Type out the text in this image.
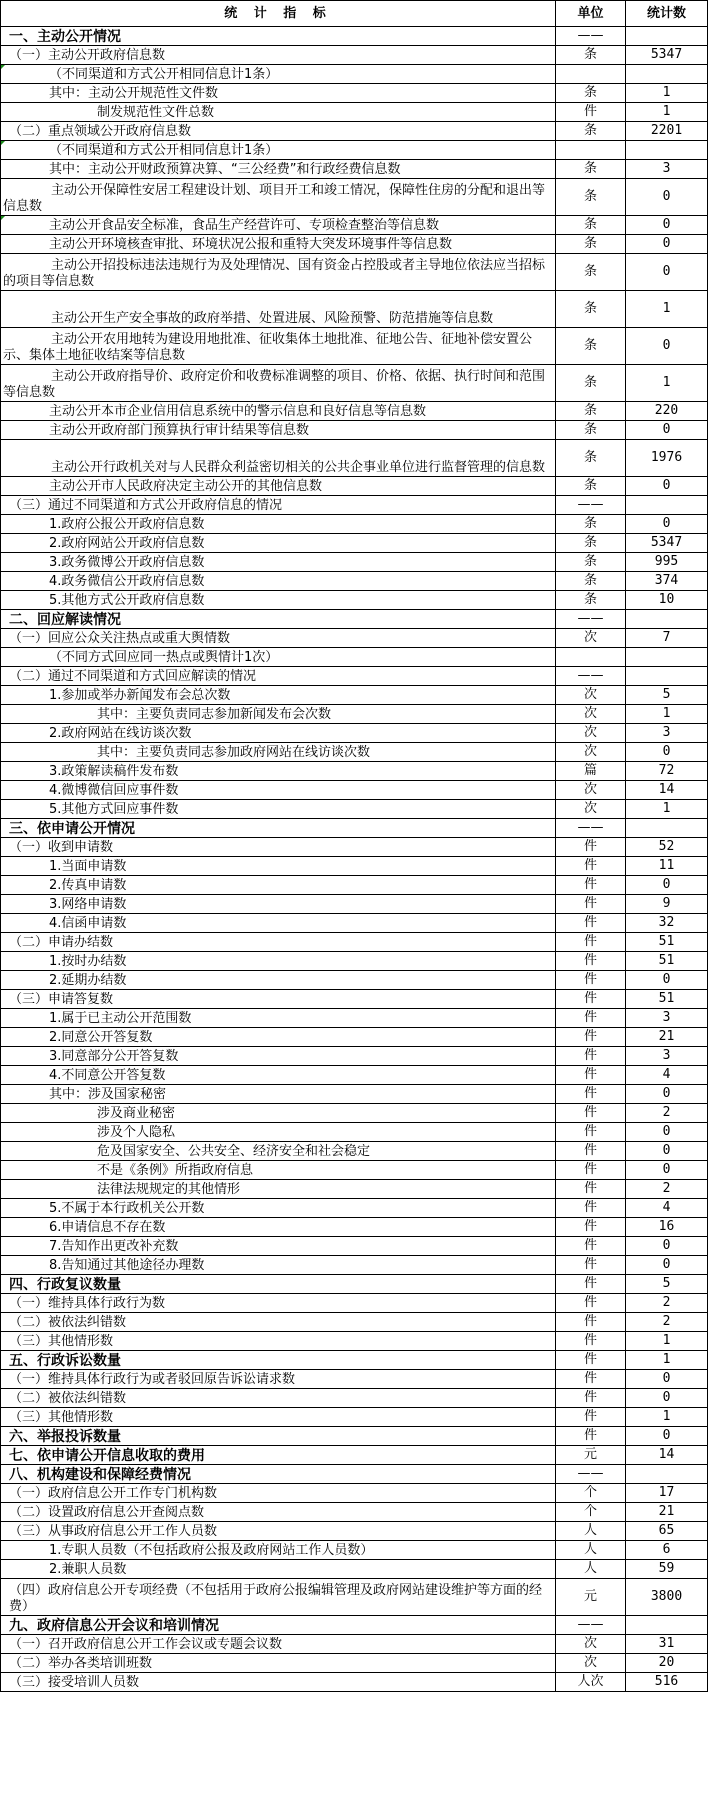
统 计 指 标	单位	统计数
一、主动公开情况	——	
（一）主动公开政府信息数	条	5347
（不同渠道和方式公开相同信息计1条）		
其中：主动公开规范性文件数	条	1
制发规范性文件总数	件	1
（二）重点领域公开政府信息数	条	2201
（不同渠道和方式公开相同信息计1条）		
其中：主动公开财政预算决算、“三公经费”和行政经费信息数	条	3
主动公开保障性安居工程建设计划、项目开工和竣工情况，保障性住房的分配和退出等信息数	条	0
主动公开食品安全标准，食品生产经营许可、专项检查整治等信息数	条	0
主动公开环境核查审批、环境状况公报和重特大突发环境事件等信息数	条	0
主动公开招投标违法违规行为及处理情况、国有资金占控股或者主导地位依法应当招标的项目等信息数	条	0
主动公开生产安全事故的政府举措、处置进展、风险预警、防范措施等信息数	条	1
主动公开农用地转为建设用地批准、征收集体土地批准、征地公告、征地补偿安置公示、集体土地征收结案等信息数	条	0
主动公开政府指导价、政府定价和收费标准调整的项目、价格、依据、执行时间和范围等信息数	条	1
主动公开本市企业信用信息系统中的警示信息和良好信息等信息数	条	220
主动公开政府部门预算执行审计结果等信息数	条	0
主动公开行政机关对与人民群众利益密切相关的公共企事业单位进行监督管理的信息数	条	1976
主动公开市人民政府决定主动公开的其他信息数	条	0
（三）通过不同渠道和方式公开政府信息的情况	——	
1.政府公报公开政府信息数	条	0
2.政府网站公开政府信息数	条	5347
3.政务微博公开政府信息数	条	995
4.政务微信公开政府信息数	条	374
5.其他方式公开政府信息数	条	10
二、回应解读情况	——	
（一）回应公众关注热点或重大舆情数	次	7
（不同方式回应同一热点或舆情计1次）		
（二）通过不同渠道和方式回应解读的情况	——	
1.参加或举办新闻发布会总次数	次	5
其中：主要负责同志参加新闻发布会次数	次	1
2.政府网站在线访谈次数	次	3
其中：主要负责同志参加政府网站在线访谈次数	次	0
3.政策解读稿件发布数	篇	72
4.微博微信回应事件数	次	14
5.其他方式回应事件数	次	1
三、依申请公开情况	——	
（一）收到申请数	件	52
1.当面申请数	件	11
2.传真申请数	件	0
3.网络申请数	件	9
4.信函申请数	件	32
（二）申请办结数	件	51
1.按时办结数	件	51
2.延期办结数	件	0
（三）申请答复数	件	51
1.属于已主动公开范围数	件	3
2.同意公开答复数	件	21
3.同意部分公开答复数	件	3
4.不同意公开答复数	件	4
其中：涉及国家秘密	件	0
涉及商业秘密	件	2
涉及个人隐私	件	0
危及国家安全、公共安全、经济安全和社会稳定	件	0
不是《条例》所指政府信息	件	0
法律法规规定的其他情形	件	2
5.不属于本行政机关公开数	件	4
6.申请信息不存在数	件	16
7.告知作出更改补充数	件	0
8.告知通过其他途径办理数	件	0
四、行政复议数量	件	5
（一）维持具体行政行为数	件	2
（二）被依法纠错数	件	2
（三）其他情形数	件	1
五、行政诉讼数量	件	1
（一）维持具体行政行为或者驳回原告诉讼请求数	件	0
（二）被依法纠错数	件	0
（三）其他情形数	件	1
六、举报投诉数量	件	0
七、依申请公开信息收取的费用	元	14
八、机构建设和保障经费情况	——	
（一）政府信息公开工作专门机构数	个	17
（二）设置政府信息公开查阅点数	个	21
（三）从事政府信息公开工作人员数	人	65
1.专职人员数（不包括政府公报及政府网站工作人员数）	人	6
2.兼职人员数	人	59
（四）政府信息公开专项经费（不包括用于政府公报编辑管理及政府网站建设维护等方面的经费）	元	3800
九、政府信息公开会议和培训情况	——	
（一）召开政府信息公开工作会议或专题会议数	次	31
（二）举办各类培训班数	次	20
（三）接受培训人员数	人次	516
